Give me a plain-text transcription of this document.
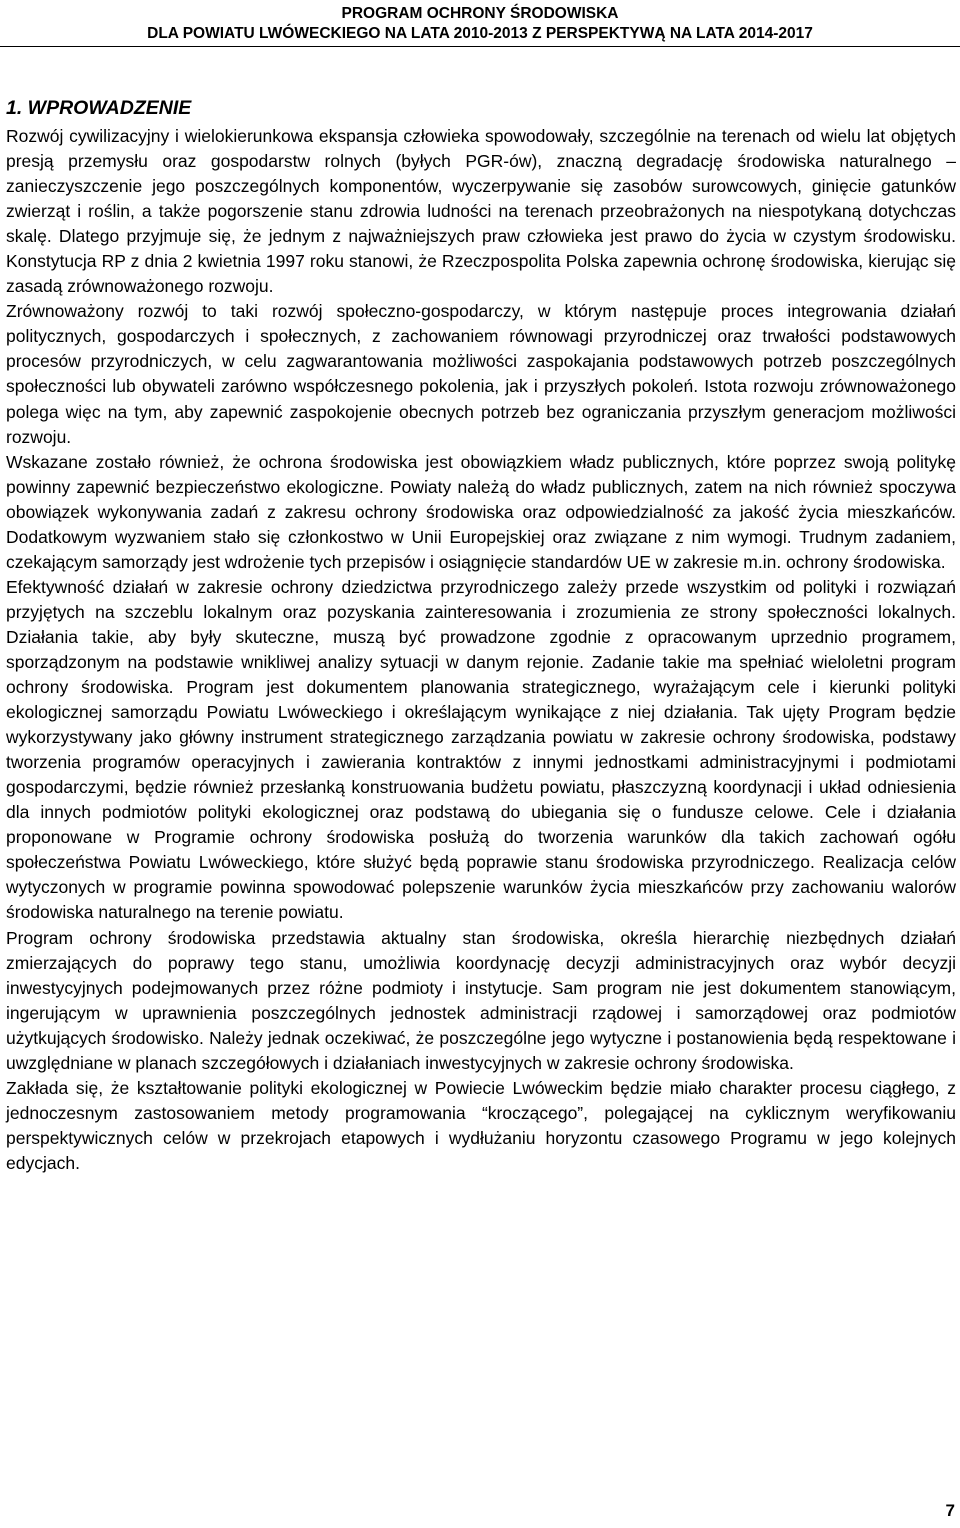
PROGRAM OCHRONY ŚRODOWISKA
DLA POWIATU LWÓWECKIEGO NA LATA 2010-2013 Z PERSPEKTYWĄ NA LATA 2014-2017
1. WPROWADZENIE

Rozwój cywilizacyjny i wielokierunkowa ekspansja człowieka spowodowały, szczególnie na terenach od wielu lat objętych presją przemysłu oraz gospodarstw rolnych (byłych PGR-ów), znaczną degradację środowiska naturalnego – zanieczyszczenie jego poszczególnych komponentów, wyczerpywanie się zasobów surowcowych, ginięcie gatunków zwierząt i roślin, a także pogorszenie stanu zdrowia ludności na terenach przeobrażonych na niespotykaną dotychczas skalę. Dlatego przyjmuje się, że jednym z najważniejszych praw człowieka jest prawo do życia w czystym środowisku. Konstytucja RP z dnia 2 kwietnia 1997 roku stanowi, że Rzeczpospolita Polska zapewnia ochronę środowiska, kierując się zasadą zrównoważonego rozwoju.

Zrównoważony rozwój to taki rozwój społeczno-gospodarczy, w którym następuje proces integrowania działań politycznych, gospodarczych i społecznych, z zachowaniem równowagi przyrodniczej oraz trwałości podstawowych procesów przyrodniczych, w celu zagwarantowania możliwości zaspokajania podstawowych potrzeb poszczególnych społeczności lub obywateli zarówno współczesnego pokolenia, jak i przyszłych pokoleń. Istota rozwoju zrównoważonego polega więc na tym, aby zapewnić zaspokojenie obecnych potrzeb bez ograniczania przyszłym generacjom możliwości rozwoju.

Wskazane zostało również, że ochrona środowiska jest obowiązkiem władz publicznych, które poprzez swoją politykę powinny zapewnić bezpieczeństwo ekologiczne. Powiaty należą do władz publicznych, zatem na nich również spoczywa obowiązek wykonywania zadań z zakresu ochrony środowiska oraz odpowiedzialność za jakość życia mieszkańców. Dodatkowym wyzwaniem stało się członkostwo w Unii Europejskiej oraz związane z nim wymogi. Trudnym zadaniem, czekającym samorządy jest wdrożenie tych przepisów i osiągnięcie standardów UE w zakresie m.in. ochrony środowiska.

Efektywność działań w zakresie ochrony dziedzictwa przyrodniczego zależy przede wszystkim od polityki i rozwiązań przyjętych na szczeblu lokalnym oraz pozyskania zainteresowania i zrozumienia ze strony społeczności lokalnych. Działania takie, aby były skuteczne, muszą być prowadzone zgodnie z opracowanym uprzednio programem, sporządzonym na podstawie wnikliwej analizy sytuacji w danym rejonie. Zadanie takie ma spełniać wieloletni program ochrony środowiska. Program jest dokumentem planowania strategicznego, wyrażającym cele i kierunki polityki ekologicznej samorządu Powiatu Lwóweckiego i określającym wynikające z niej działania. Tak ujęty Program będzie wykorzystywany jako główny instrument strategicznego zarządzania powiatu w zakresie ochrony środowiska, podstawy tworzenia programów operacyjnych i zawierania kontraktów z innymi jednostkami administracyjnymi i podmiotami gospodarczymi, będzie również przesłanką konstruowania budżetu powiatu, płaszczyzną koordynacji i układ odniesienia dla innych podmiotów polityki ekologicznej oraz podstawą do ubiegania się o fundusze celowe. Cele i działania proponowane w Programie ochrony środowiska posłużą do tworzenia warunków dla takich zachowań ogółu społeczeństwa Powiatu Lwóweckiego, które służyć będą poprawie stanu środowiska przyrodniczego. Realizacja celów wytyczonych w programie powinna spowodować polepszenie warunków życia mieszkańców przy zachowaniu walorów środowiska naturalnego na terenie powiatu.

Program ochrony środowiska przedstawia aktualny stan środowiska, określa hierarchię niezbędnych działań zmierzających do poprawy tego stanu, umożliwia koordynację decyzji administracyjnych oraz wybór decyzji inwestycyjnych podejmowanych przez różne podmioty i instytucje. Sam program nie jest dokumentem stanowiącym, ingerującym w uprawnienia poszczególnych jednostek administracji rządowej i samorządowej oraz podmiotów użytkujących środowisko. Należy jednak oczekiwać, że poszczególne jego wytyczne i postanowienia będą respektowane i uwzględniane w planach szczegółowych i działaniach inwestycyjnych w zakresie ochrony środowiska.

Zakłada się, że kształtowanie polityki ekologicznej w Powiecie Lwóweckim będzie miało charakter procesu ciągłego, z jednoczesnym zastosowaniem metody programowania “kroczącego”, polegającej na cyklicznym weryfikowaniu perspektywicznych celów w przekrojach etapowych i wydłużaniu horyzontu czasowego Programu w jego kolejnych edycjach.

7
